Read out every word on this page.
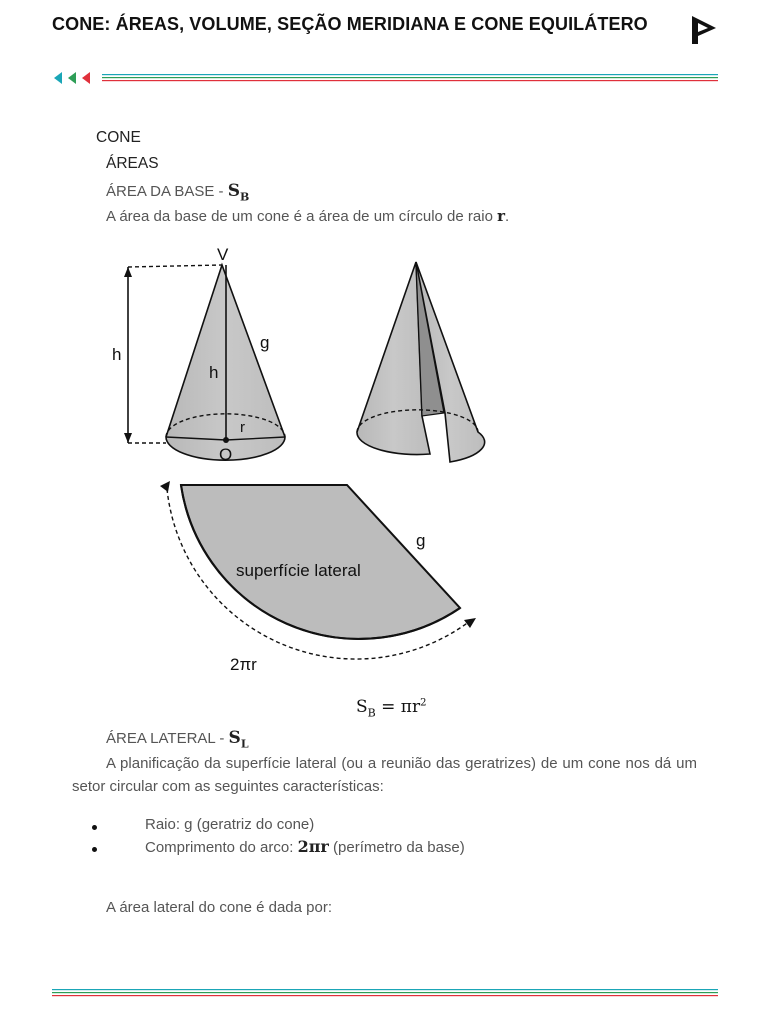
CONE: ÁREAS, VOLUME, SEÇÃO MERIDIANA E CONE EQUILÁTERO
CONE
ÁREAS
ÁREA DA BASE - $S_B$
A área da base de um cone é a área de um círculo de raio r.
V
h
h
g
r
O
superfície lateral
g
2πr
$S_B = \pi r^2$
ÁREA LATERAL - $S_L$
A planificação da superfície lateral (ou a reunião das geratrizes) de um cone nos dá um setor circular com as seguintes características:
Raio: g (geratriz do cone)
Comprimento do arco: 2πr (perímetro da base)
A área lateral do cone é dada por:
